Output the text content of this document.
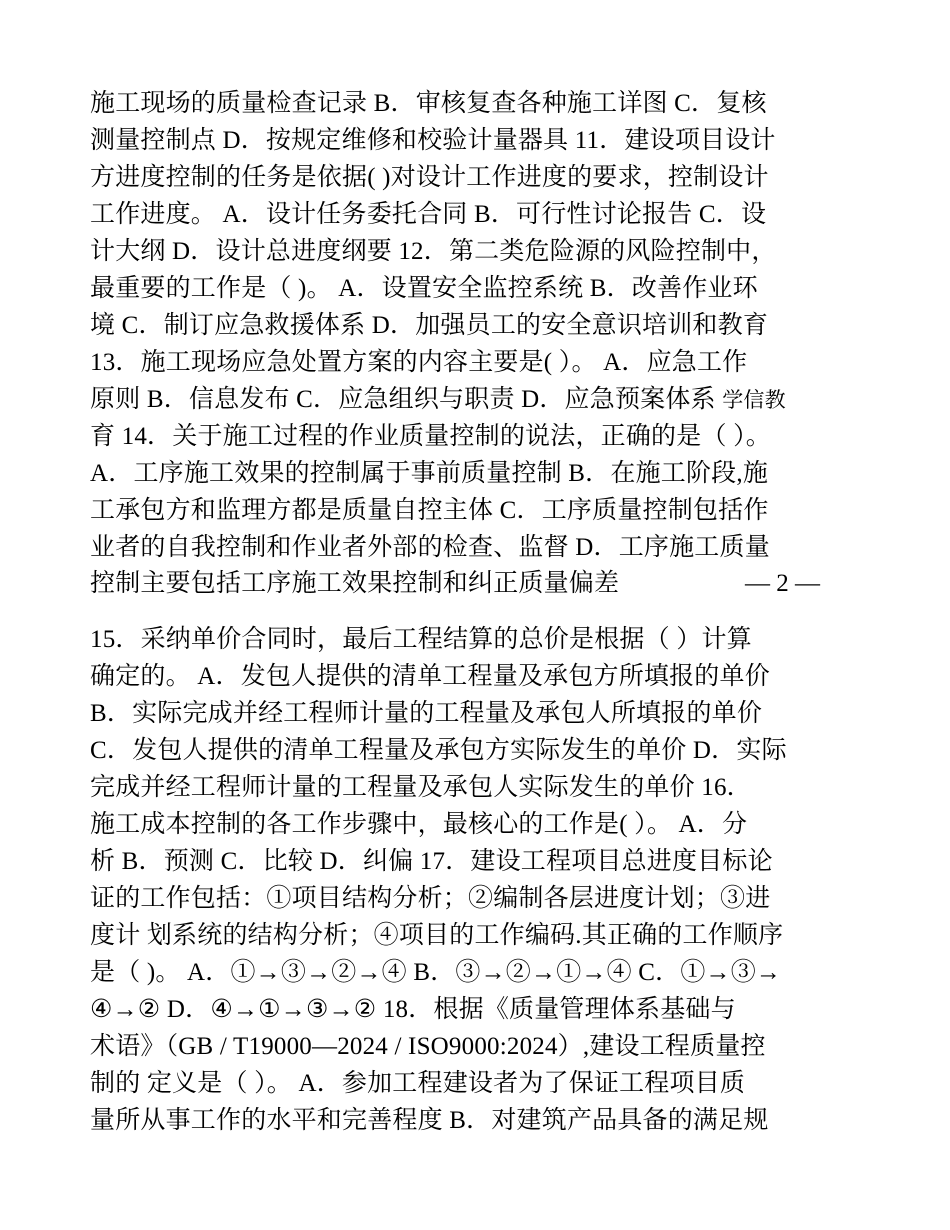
施工现场的质量检查记录 B．审核复查各种施工详图 C．复核
测量控制点 D．按规定维修和校验计量器具 11．建设项目设计
方进度控制的任务是依据( )对设计工作进度的要求，控制设计
工作进度。 A．设计任务委托合同 B．可行性讨论报告 C．设
计大纲 D．设计总进度纲要 12．第二类危险源的风险控制中，
最重要的工作是（ )。 A．设置安全监控系统 B．改善作业环
境 C．制订应急救援体系 D．加强员工的安全意识培训和教育
13．施工现场应急处置方案的内容主要是( ）。 A．应急工作
原则 B．信息发布 C．应急组织与职责 D．应急预案体系 学信教
育 14．关于施工过程的作业质量控制的说法，正确的是（ ）。
A．工序施工效果的控制属于事前质量控制 B．在施工阶段,施
工承包方和监理方都是质量自控主体 C．工序质量控制包括作
业者的自我控制和作业者外部的检查、监督 D．工序施工质量
控制主要包括工序施工效果控制和纠正质量偏差	— 2 —
15．采纳单价合同时，最后工程结算的总价是根据（ ）计算
确定的。 A．发包人提供的清单工程量及承包方所填报的单价
B．实际完成并经工程师计量的工程量及承包人所填报的单价
C．发包人提供的清单工程量及承包方实际发生的单价 D．实际
完成并经工程师计量的工程量及承包人实际发生的单价 16．
施工成本控制的各工作步骤中，最核心的工作是( ）。 A．分
析 B．预测 C．比较 D．纠偏 17．建设工程项目总进度目标论
证的工作包括：①项目结构分析；②编制各层进度计划；③进
度计 划系统的结构分析；④项目的工作编码.其正确的工作顺序
是（ )。 A．①→③→②→④ B．③→②→①→④ C．①→③→
④→② D．④→①→③→② 18．根据《质量管理体系基础与
术语》（GB / T19000—2024 / ISO9000:2024）,建设工程质量控
制的 定义是（ ）。 A．参加工程建设者为了保证工程项目质
量所从事工作的水平和完善程度 B．对建筑产品具备的满足规
